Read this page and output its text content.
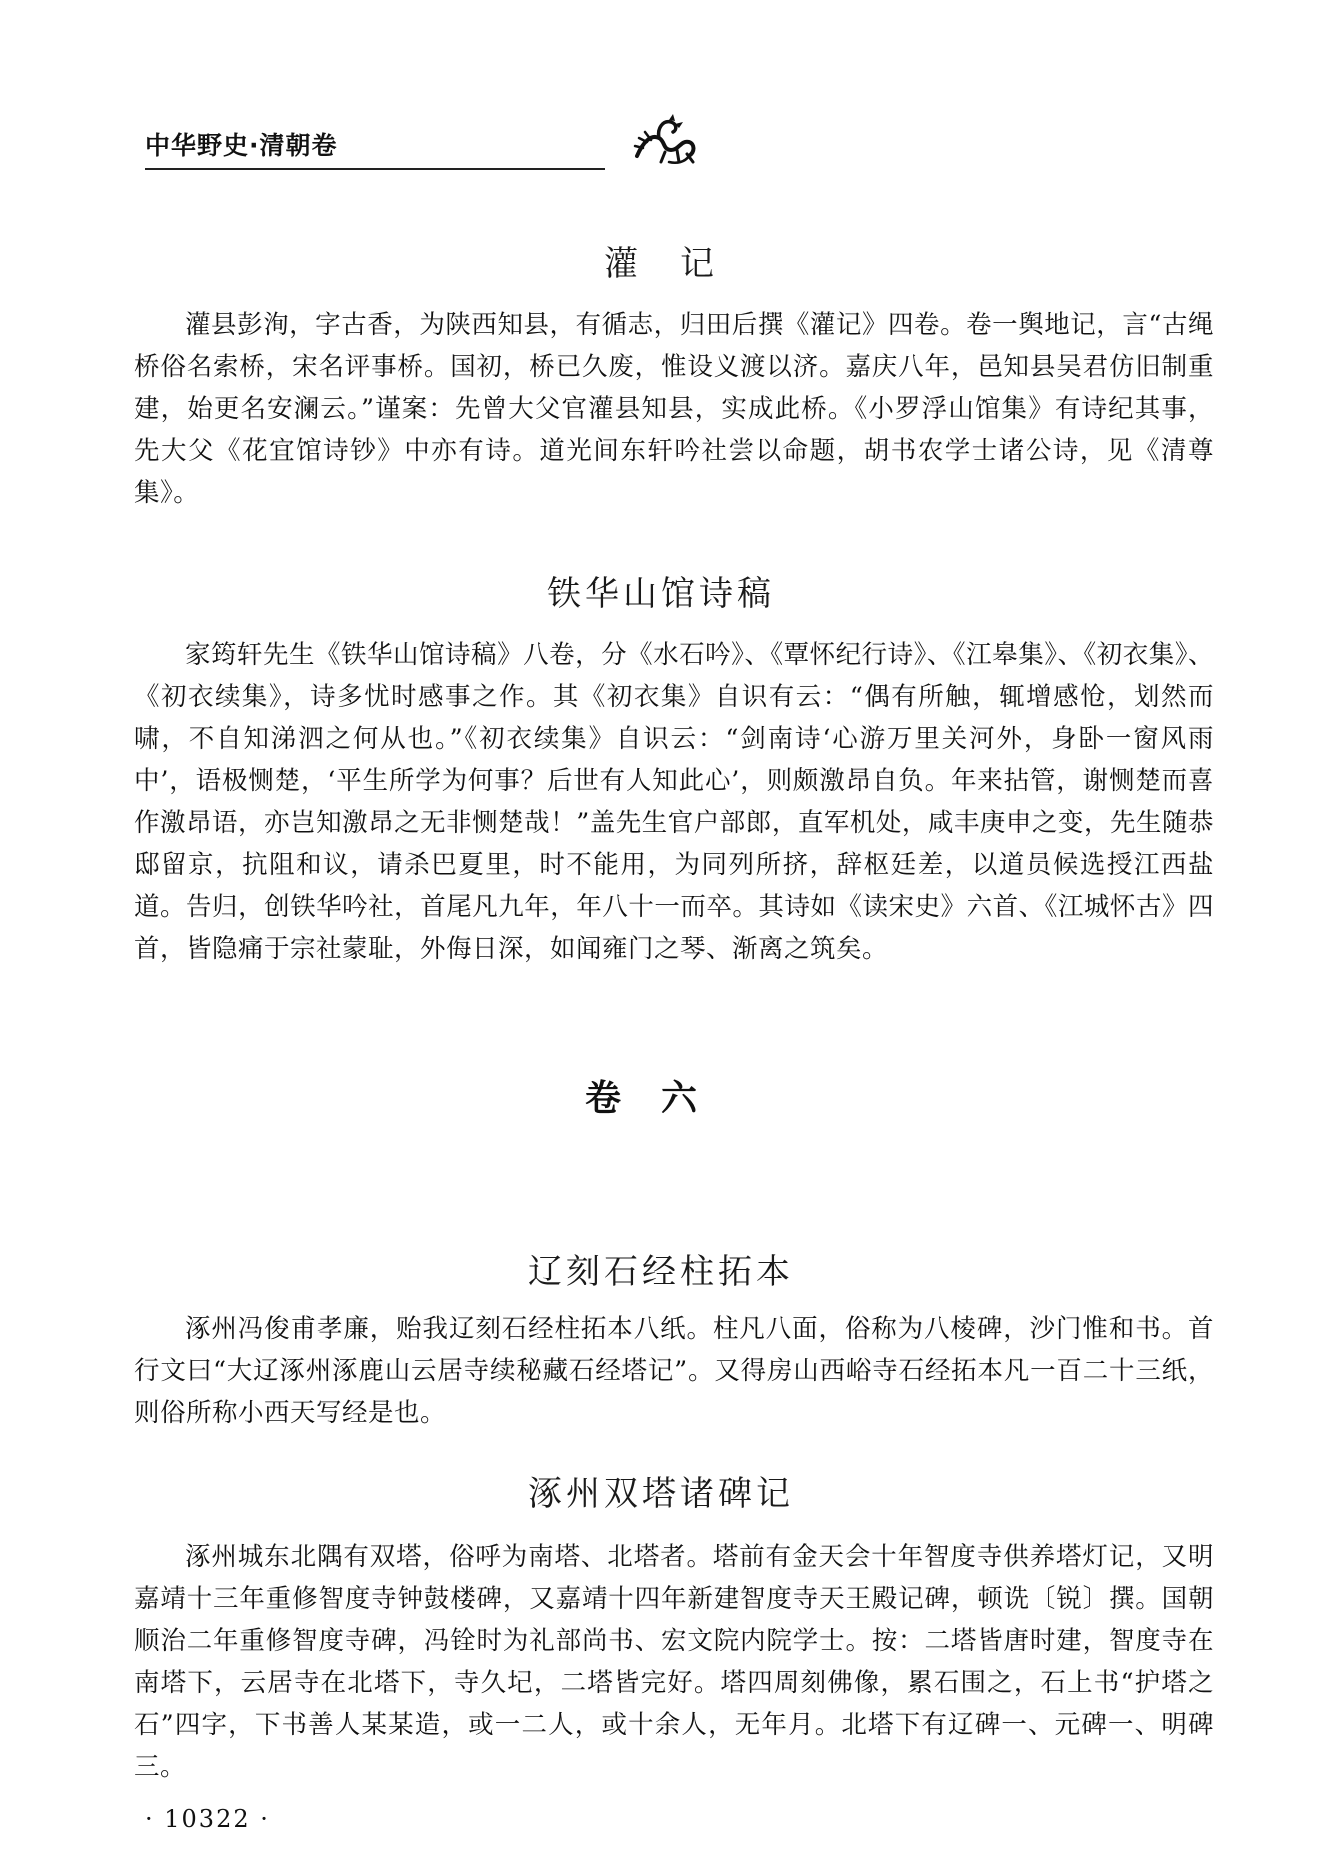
中华野史·清朝卷
灌　记

灌县彭洵，字古香，为陕西知县，有循志，归田后撰《灌记》四卷。卷一舆地记，言“古绳桥俗名索桥，宋名评事桥。国初，桥已久废，惟设义渡以济。嘉庆八年，邑知县吴君仿旧制重建，始更名安澜云。”谨案：先曾大父官灌县知县，实成此桥。《小罗浮山馆集》有诗纪其事，先大父《花宜馆诗钞》中亦有诗。道光间东轩吟社尝以命题，胡书农学士诸公诗，见《清尊集》。

铁华山馆诗稿

家筠轩先生《铁华山馆诗稿》八卷，分《水石吟》、《覃怀纪行诗》、《江皋集》、《初衣集》、《初衣续集》，诗多忧时感事之作。其《初衣集》自识有云：“偶有所触，辄增感怆，划然而啸，不自知涕泗之何从也。”《初衣续集》自识云：“剑南诗‘心游万里关河外，身卧一窗风雨中’，语极恻楚，‘平生所学为何事？后世有人知此心’，则颇激昂自负。年来拈管，谢恻楚而喜作激昂语，亦岂知激昂之无非恻楚哉！”盖先生官户部郎，直军机处，咸丰庚申之变，先生随恭邸留京，抗阻和议，请杀巴夏里，时不能用，为同列所挤，辞枢廷差，以道员候选授江西盐道。告归，创铁华吟社，首尾凡九年，年八十一而卒。其诗如《读宋史》六首、《江城怀古》四首，皆隐痛于宗社蒙耻，外侮日深，如闻雍门之琴、渐离之筑矣。

卷六
辽刻石经柱拓本

涿州冯俊甫孝廉，贻我辽刻石经柱拓本八纸。柱凡八面，俗称为八棱碑，沙门惟和书。首行文曰“大辽涿州涿鹿山云居寺续秘藏石经塔记”。又得房山西峪寺石经拓本凡一百二十三纸，则俗所称小西天写经是也。

涿州双塔诸碑记

涿州城东北隅有双塔，俗呼为南塔、北塔者。塔前有金天会十年智度寺供养塔灯记，又明嘉靖十三年重修智度寺钟鼓楼碑，又嘉靖十四年新建智度寺天王殿记碑，顿诜〔锐〕撰。国朝顺治二年重修智度寺碑，冯铨时为礼部尚书、宏文院内院学士。按：二塔皆唐时建，智度寺在南塔下，云居寺在北塔下，寺久圮，二塔皆完好。塔四周刻佛像，累石围之，石上书“护塔之石”四字，下书善人某某造，或一二人，或十余人，无年月。北塔下有辽碑一、元碑一、明碑三。

· 10322 ·
